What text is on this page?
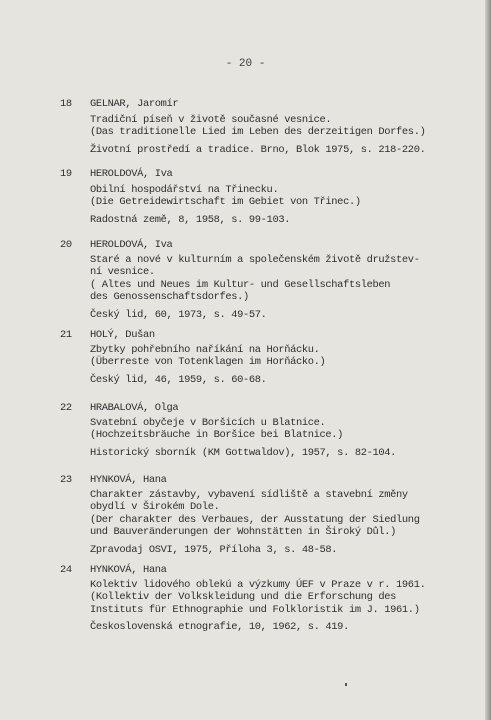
- 20 -
18 GELNAR, Jaromír
Tradiční píseň v životě současné vesnice.
(Das traditionelle Lied im Leben des derzeitigen Dorfes.)
Životní prostředí a tradice. Brno, Blok 1975, s. 218-220.
19 HEROLDOVÁ, Iva
Obilní hospodářství na Třinecku.
(Die Getreidewirtschaft im Gebiet von Třinec.)
Radostná země, 8, 1958, s. 99-103.
20 HEROLDOVÁ, Iva
Staré a nové v kulturním a společenském životě družstev-
ní vesnice.
( Altes und Neues im Kultur- und Gesellschaftsleben
des Genossenschaftsdorfes.)
Český lid, 60, 1973, s. 49-57.
21 HOLÝ, Dušan
Zbytky pohřebního naříkání na Horňácku.
(Überreste von Totenklagen im Horňácko.)
Český lid, 46, 1959, s. 60-68.
22 HRABALOVÁ, Olga
Svatební obyčeje v Boršicích u Blatnice.
(Hochzeitsbräuche in Boršice bei Blatnice.)
Historický sborník (KM Gottwaldov), 1957, s. 82-104.
23 HYNKOVÁ, Hana
Charakter zástavby, vybavení sídliště a stavební změny
obydlí v Širokém Dole.
(Der charakter des Verbaues, der Ausstatung der Siedlung
und Bauveränderungen der Wohnstätten in Široký Důl.)
Zpravodaj OSVI, 1975, Příloha 3, s. 48-58.
24 HYNKOVÁ, Hana
Kolektiv lidového oblekú a výzkumy ÚEF v Praze v r. 1961.
(Kollektiv der Volkskleidung und die Erforschung des
Instituts für Ethnographie und Folkloristik im J. 1961.)
Československá etnografie, 10, 1962, s. 419.
